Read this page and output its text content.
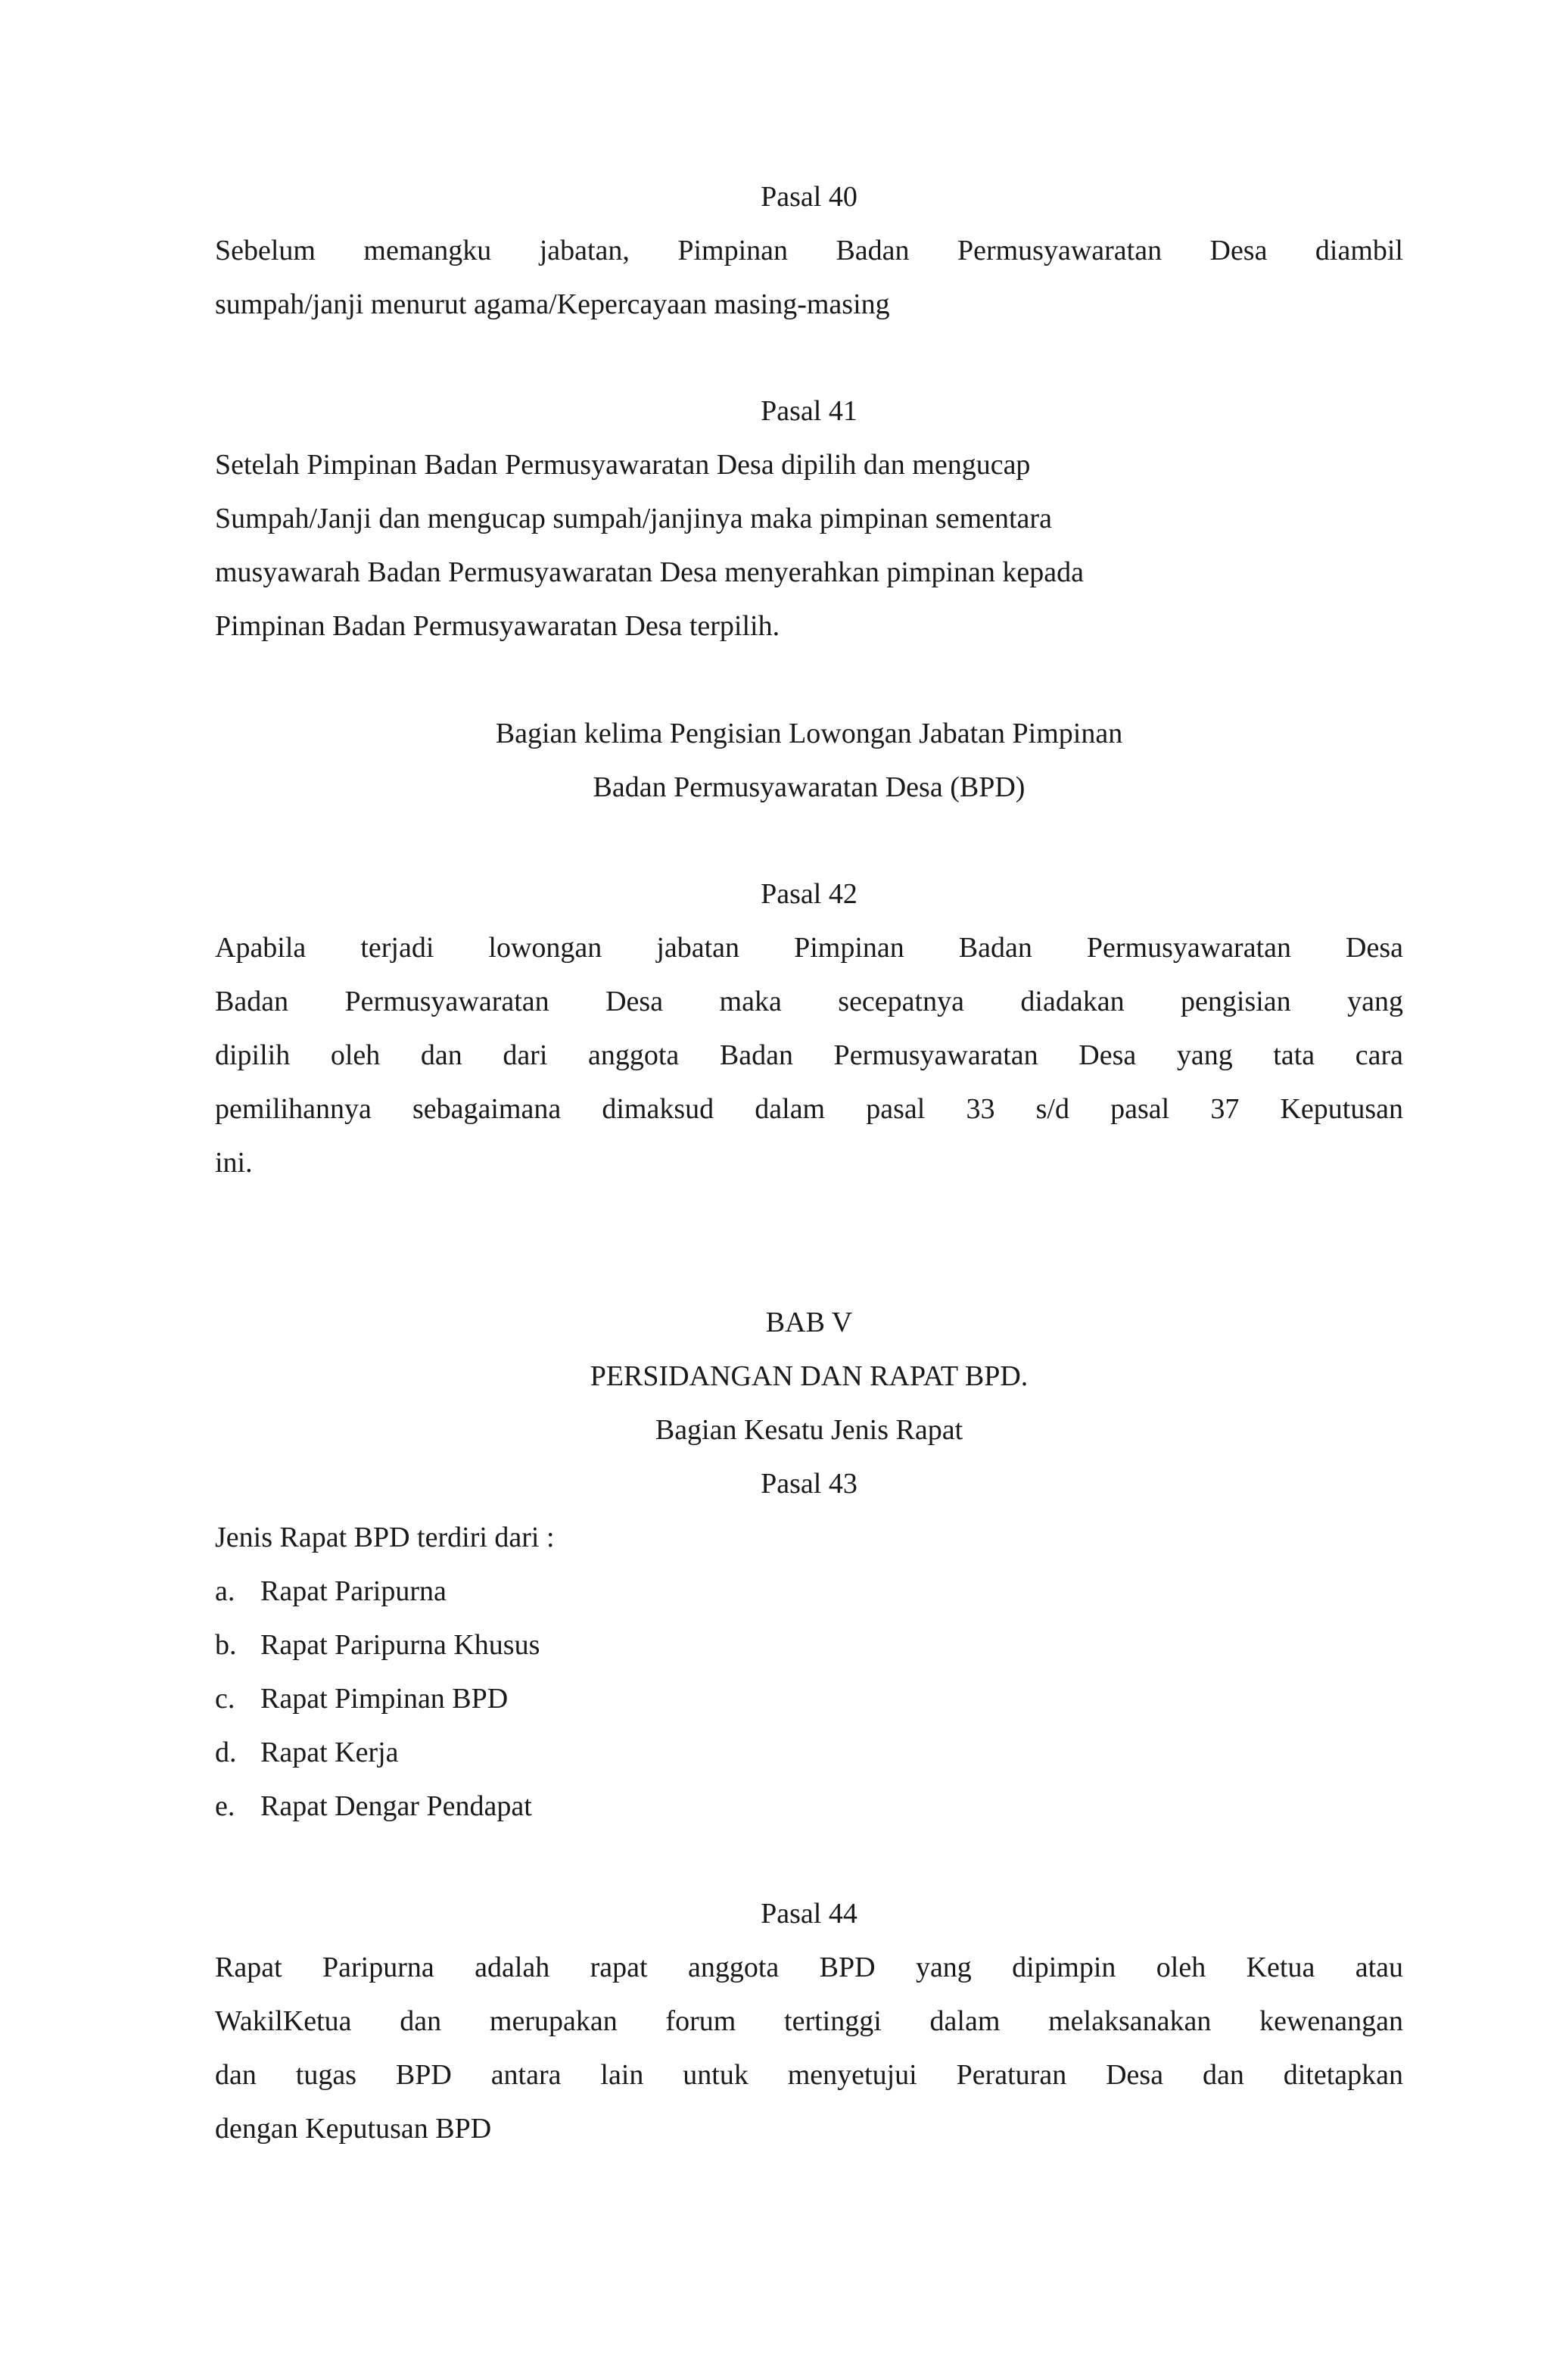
Pasal 40
Sebelum memangku jabatan, Pimpinan Badan Permusyawaratan Desa diambil
sumpah/janji menurut agama/Kepercayaan masing-masing
Pasal 41
Setelah Pimpinan Badan Permusyawaratan Desa dipilih dan mengucap
Sumpah/Janji dan mengucap sumpah/janjinya maka pimpinan sementara
musyawarah Badan Permusyawaratan Desa menyerahkan pimpinan kepada
Pimpinan Badan Permusyawaratan Desa terpilih.
Bagian kelima Pengisian Lowongan Jabatan Pimpinan
Badan Permusyawaratan Desa (BPD)
Pasal 42
Apabila terjadi lowongan jabatan Pimpinan Badan Permusyawaratan Desa
Badan Permusyawaratan Desa maka secepatnya diadakan pengisian yang
dipilih oleh dan dari anggota Badan Permusyawaratan Desa yang tata cara
pemilihannya sebagaimana dimaksud dalam pasal 33 s/d pasal 37 Keputusan
ini.
BAB V
PERSIDANGAN DAN RAPAT BPD.
Bagian Kesatu Jenis Rapat
Pasal 43
Jenis Rapat BPD terdiri dari :
a. Rapat Paripurna
b. Rapat Paripurna Khusus
c. Rapat Pimpinan BPD
d. Rapat Kerja
e. Rapat Dengar Pendapat
Pasal 44
Rapat Paripurna adalah rapat anggota BPD yang dipimpin oleh Ketua atau
WakilKetua dan merupakan forum tertinggi dalam melaksanakan kewenangan
dan tugas BPD antara lain untuk menyetujui Peraturan Desa dan ditetapkan
dengan Keputusan BPD
